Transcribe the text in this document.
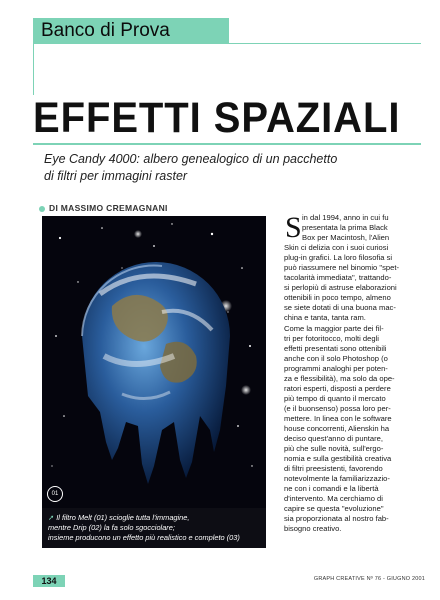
Banco di Prova
EFFETTI SPAZIALI

Eye Candy 4000: albero genealogico di un pacchetto
di filtri per immagini raster

DI MASSIMO CREMAGNANI

01
➚ Il filtro Melt (01) scioglie tutta l'immagine,
mentre Drip (02) la fa solo sgocciolare;
insieme producono un effetto più realistico e completo (03)
S in dal 1994, anno in cui fu
presentata la prima Black
Box per Macintosh, l'Alien
Skin ci delizia con i suoi curiosi
plug-in grafici. La loro filosofia si
può riassumere nel binomio "spet-
tacolarità immediata", trattando-
si perlopiù di astruse elaborazioni
ottenibili in poco tempo, almeno
se siete dotati di una buona mac-
china e tanta, tanta ram.
Come la maggior parte dei fil-
tri per fotoritocco, molti degli
effetti presentati sono ottenibili
anche con il solo Photoshop (o
programmi analoghi per poten-
za e flessibilità), ma solo da ope-
ratori esperti, disposti a perdere
più tempo di quanto il mercato
(e il buonsenso) possa loro per-
mettere. In linea con le software
house concorrenti, Alienskin ha
deciso quest'anno di puntare,
più che sulle novità, sull'ergo-
nomia e sulla gestibilità creativa
di filtri preesistenti, favorendo
notevolmente la familiarizzazio-
ne con i comandi e la libertà
d'intervento. Ma cerchiamo di
capire se questa "evoluzione"
sia proporzionata al nostro fab-
bisogno creativo.
134	GRAPH CREATIVE Nº 76 - GIUGNO 2001
